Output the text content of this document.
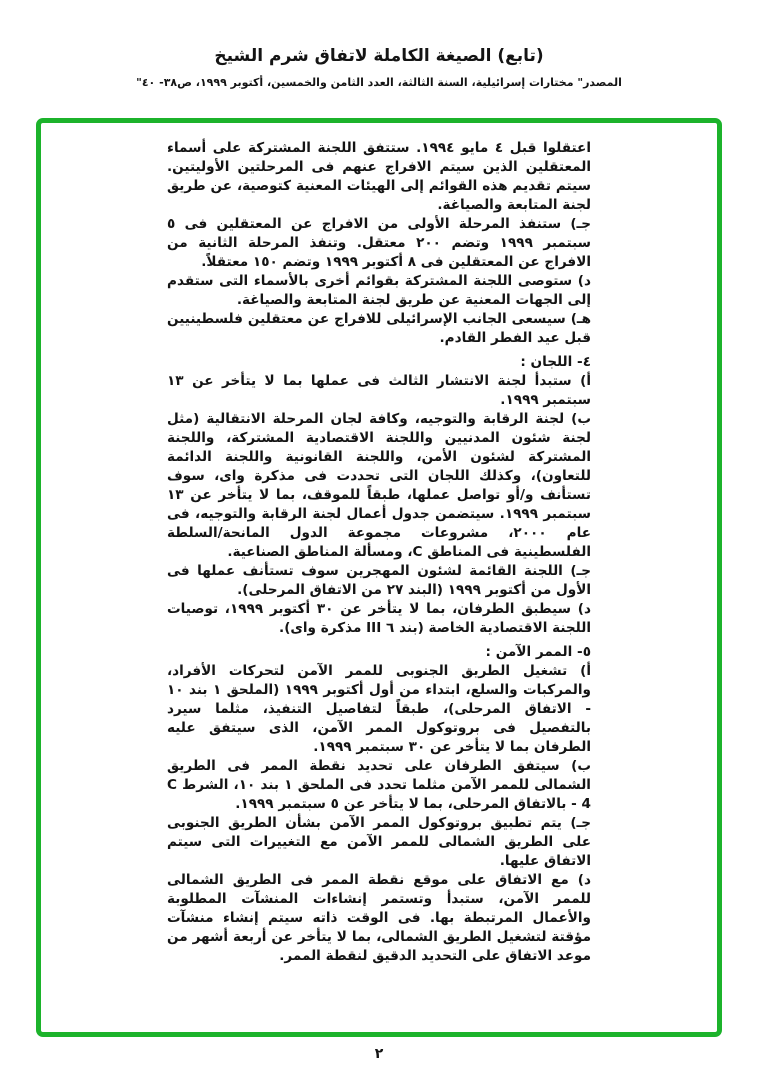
(تابع) الصيغة الكاملة لاتفاق شرم الشيخ
المصدر" مختارات إسرائيلية، السنة الثالثة، العدد الثامن والخمسين، أكتوبر ١٩٩٩، ص٣٨- ٤٠"

اعتقلوا قبل ٤ مايو ١٩٩٤. ستتفق اللجنة المشتركة على أسماء المعتقلين الذين سيتم الافراج عنهم فى المرحلتين الأوليتين. سيتم تقديم هذه القوائم إلى الهيئات المعنية كتوصية، عن طريق لجنة المتابعة والصياغة.

جـ) ستنفذ المرحلة الأولى من الافراج عن المعتقلين فى ٥ سبتمبر ١٩٩٩ وتضم ٢٠٠ معتقل. وتنفذ المرحلة الثانية من الافراج عن المعتقلين فى ٨ أكتوبر ١٩٩٩ وتضم ١٥٠ معتقلاً.

د) ستوصى اللجنة المشتركة بقوائم أخرى بالأسماء التى ستقدم إلى الجهات المعنية عن طريق لجنة المتابعة والصياغة.

هـ) سيسعى الجانب الإسرائيلى للافراج عن معتقلين فلسطينيين قبل عيد الفطر القادم.

٤- اللجان :

أ) ستبدأ لجنة الانتشار الثالث فى عملها بما لا يتأخر عن ١٣ سبتمبر ١٩٩٩.

ب) لجنة الرقابة والتوجيه، وكافة لجان المرحلة الانتقالية (مثل لجنة شئون المدنيين واللجنة الاقتصادية المشتركة، واللجنة المشتركة لشئون الأمن، واللجنة القانونية واللجنة الدائمة للتعاون)، وكذلك اللجان التى تحددت فى مذكرة واى، سوف تستأنف و/أو تواصل عملها، طبقاً للموقف، بما لا يتأخر عن ١٣ سبتمبر ١٩٩٩. سيتضمن جدول أعمال لجنة الرقابة والتوجيه، فى عام ٢٠٠٠، مشروعات مجموعة الدول المانحة/السلطة الفلسطينية فى المناطق C، ومسألة المناطق الصناعية.

جـ) اللجنة القائمة لشئون المهجرين سوف تستأنف عملها فى الأول من أكتوبر ١٩٩٩ (البند ٢٧ من الاتفاق المرحلى).

د) سيطبق الطرفان، بما لا يتأخر عن ٣٠ أكتوبر ١٩٩٩، توصيات اللجنة الاقتصادية الخاصة (بند ٦ III مذكرة واى).

٥- الممر الآمن :

أ) تشغيل الطريق الجنوبى للممر الآمن لتحركات الأفراد، والمركبات والسلع، ابتداء من أول أكتوبر ١٩٩٩ (الملحق ١ بند ١٠ - الاتفاق المرحلى)، طبقاً لتفاصيل التنفيذ، مثلما سيرد بالتفصيل فى بروتوكول الممر الآمن، الذى سيتفق عليه الطرفان بما لا يتأخر عن ٣٠ سبتمبر ١٩٩٩.

ب) سيتفق الطرفان على تحديد نقطة الممر فى الطريق الشمالى للممر الآمن مثلما تحدد فى الملحق ١ بند ١٠، الشرط C - 4 بالاتفاق المرحلى، بما لا يتأخر عن ٥ سبتمبر ١٩٩٩.

جـ) يتم تطبيق بروتوكول الممر الآمن بشأن الطريق الجنوبى على الطريق الشمالى للممر الآمن مع التغييرات التى سيتم الاتفاق عليها.

د) مع الاتفاق على موقع نقطة الممر فى الطريق الشمالى للممر الآمن، ستبدأ وتستمر إنشاءات المنشآت المطلوبة والأعمال المرتبطة بها. فى الوقت ذاته سيتم إنشاء منشآت مؤقتة لتشغيل الطريق الشمالى، بما لا يتأخر عن أربعة أشهر من موعد الاتفاق على التحديد الدقيق لنقطة الممر.

٢
